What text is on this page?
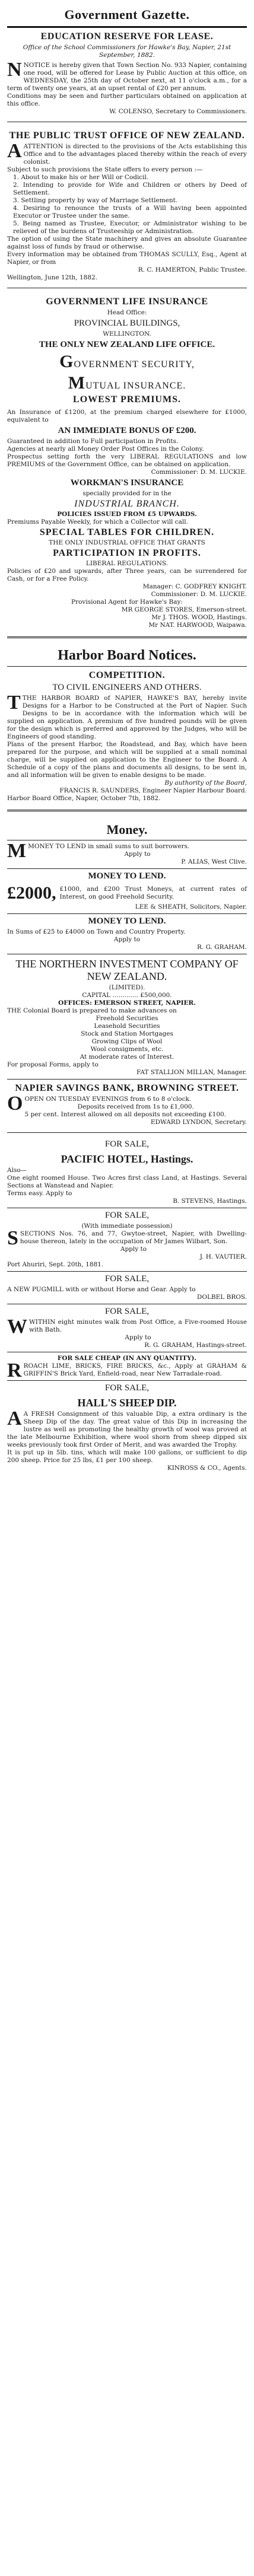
Government Gazette.
EDUCATION RESERVE FOR LEASE.
Office of the School Commissioners for Hawke's Bay, Napier, 21st September, 1882.
NNOTICE is hereby given that Town Section No. 933 Napier, containing one rood, will be offered for Lease by Public Auction at this office, on WEDNESDAY, the 25th day of October next, at 11 o'clock a.m., for a term of twenty one years, at an upset rental of £20 per annum.
Conditions may be seen and further particulars obtained on application at this office.
W. COLENSO, Secretary to Commissioners.
THE PUBLIC TRUST OFFICE OF NEW ZEALAND.
AATTENTION is directed to the provisions of the Acts establishing this Office and to the advantages placed thereby within the reach of every colonist.
Subject to such provisions the State offers to every person :—
1. About to make his or her Will or Codicil.
2. Intending to provide for Wife and Children or others by Deed of Settlement.
3. Settling property by way of Marriage Settlement.
4. Desiring to renounce the trusts of a Will having been appointed Executor or Trustee under the same.
5. Being named as Trustee, Executor, or Administrator wishing to be relieved of the burdens of Trusteeship or Administration.
The option of using the State machinery and gives an absolute Guarantee against loss of funds by fraud or otherwise.
Every information may be obtained from THOMAS SCULLY, Esq., Agent at Napier, or from
R. C. HAMERTON, Public Trustee.
Wellington, June 12th, 1882.
GOVERNMENT LIFE INSURANCE
Head Office:
PROVINCIAL BUILDINGS,
WELLINGTON.
THE ONLY NEW ZEALAND LIFE OFFICE.
GOVERNMENT SECURITY,
MUTUAL INSURANCE.
LOWEST PREMIUMS.
An Insurance of £1200, at the premium charged elsewhere for £1000, equivalent to
AN IMMEDIATE BONUS OF £200.
Guaranteed in addition to Full participation in Profits.
Agencies at nearly all Money Order Post Offices in the Colony.
Prospectus setting forth the very LIBERAL REGULATIONS and low PREMIUMS of the Government Office, can be obtained on application.
Commissioner: D. M. LUCKIE.
WORKMAN'S INSURANCE
specially provided for in the
INDUSTRIAL BRANCH.
POLICIES ISSUED FROM £5 UPWARDS.
Premiums Payable Weekly, for which a Collector will call.
SPECIAL TABLES FOR CHILDREN.
THE ONLY INDUSTRIAL OFFICE THAT GRANTS
PARTICIPATION IN PROFITS.
LIBERAL REGULATIONS.
Policies of £20 and upwards, after Three years, can be surrendered for Cash, or for a Free Policy.
Manager: C. GODFREY KNIGHT.
Commissioner: D. M. LUCKIE.
Provisional Agent for Hawke's Bay:
MR GEORGE STORES, Emerson-street.
Mr J. THOS. WOOD, Hastings.
Mr NAT. HARWOOD, Waipawa.
Harbor Board Notices.
COMPETITION.
TO CIVIL ENGINEERS AND OTHERS.
TTHE HARBOR BOARD of NAPIER, HAWKE'S BAY, hereby invite Designs for a Harbor to be Constructed at the Port of Napier. Such Designs to be in accordance with the information which will be supplied on application. A premium of five hundred pounds will be given for the design which is preferred and approved by the Judges, who will be Engineers of good standing.
Plans of the present Harbor, the Roadstead, and Bay, which have been prepared for the purpose, and which will be supplied at a small nominal charge, will be supplied on application to the Engineer to the Board. A Schedule of a copy of the plans and documents all designs, to be sent in, and all information will be given to enable designs to be made.
By authority of the Board,
FRANCIS R. SAUNDERS, Engineer Napier Harbour Board.
Harbor Board Office, Napier, October 7th, 1882.
Money.
MMONEY TO LEND in small sums to suit borrowers.
Apply to
P. ALIAS, West Clive.
MONEY TO LEND.
£2000, £1000, and £200 Trust Moneys, at current rates of Interest, on good Freehold Security.
LEE & SHEATH, Solicitors, Napier.
MONEY TO LEND.
In Sums of £25 to £4000 on Town and Country Property.
Apply to
R. G. GRAHAM.
THE NORTHERN INVESTMENT COMPANY OF NEW ZEALAND.
(LIMITED).
CAPITAL ............. £500,000.
OFFICES: EMERSON STREET, NAPIER.
THE Colonial Board is prepared to make advances on
Freehold Securities
Leasehold Securities
Stock and Station Mortgages
Growing Clips of Wool
Wool consigments, etc.
At moderate rates of Interest.
For proposal Forms, apply to
FAT STALLION MILLAN, Manager.
NAPIER SAVINGS BANK, BROWNING STREET.
OOPEN ON TUESDAY EVENINGS from 6 to 8 o'clock.
Deposits received from 1s to £1,000.
5 per cent. Interest allowed on all deposits not exceeding £100.
EDWARD LYNDON, Secretary.
FOR SALE,
PACIFIC HOTEL, Hastings.
Also—
One eight roomed House. Two Acres first class Land, at Hastings. Several Sections at Wanstead and Napier.
Terms easy. Apply to
B. STEVENS, Hastings.
FOR SALE,
(With immediate possession)
SSECTIONS Nos. 76, and 77, Gwytoe-street, Napier, with Dwelling-house thereon, lately in the occupation of Mr James Wilbart, Son.
Apply to
J. H. VAUTIER.
Port Ahuriri, Sept. 20th, 1881.
FOR SALE,
A NEW PUGMILL with or without Horse and Gear. Apply to
DOLBEL BROS.
FOR SALE,
WWITHIN eight minutes walk from Post Office, a Five-roomed House with Bath.
Apply to
R. G. GRAHAM, Hastings-street.
FOR SALE CHEAP (IN ANY QUANTITY).
RROACH LIME, BRICKS, FIRE BRICKS, &c., Apply at GRAHAM & GRIFFIN'S Brick Yard, Enfield-road, near New Tarradale-road.
FOR SALE,
HALL'S SHEEP DIP.
A A FRESH Consignment of this valuable Dip, a extra ordinary is the Sheep Dip of the day. The great value of this Dip in increasing the lustre as well as promoting the healthy growth of wool was proved at the late Melbourne Exhibition, where wool shorn from sheep dipped six weeks previously took first Order of Merit, and was awarded the Trophy.
It is put up in 5lb. tins, which will make 100 gallons, or sufficient to dip 200 sheep. Price for 25 lbs, £1 per 100 sheep.
KINROSS & CO., Agents.
